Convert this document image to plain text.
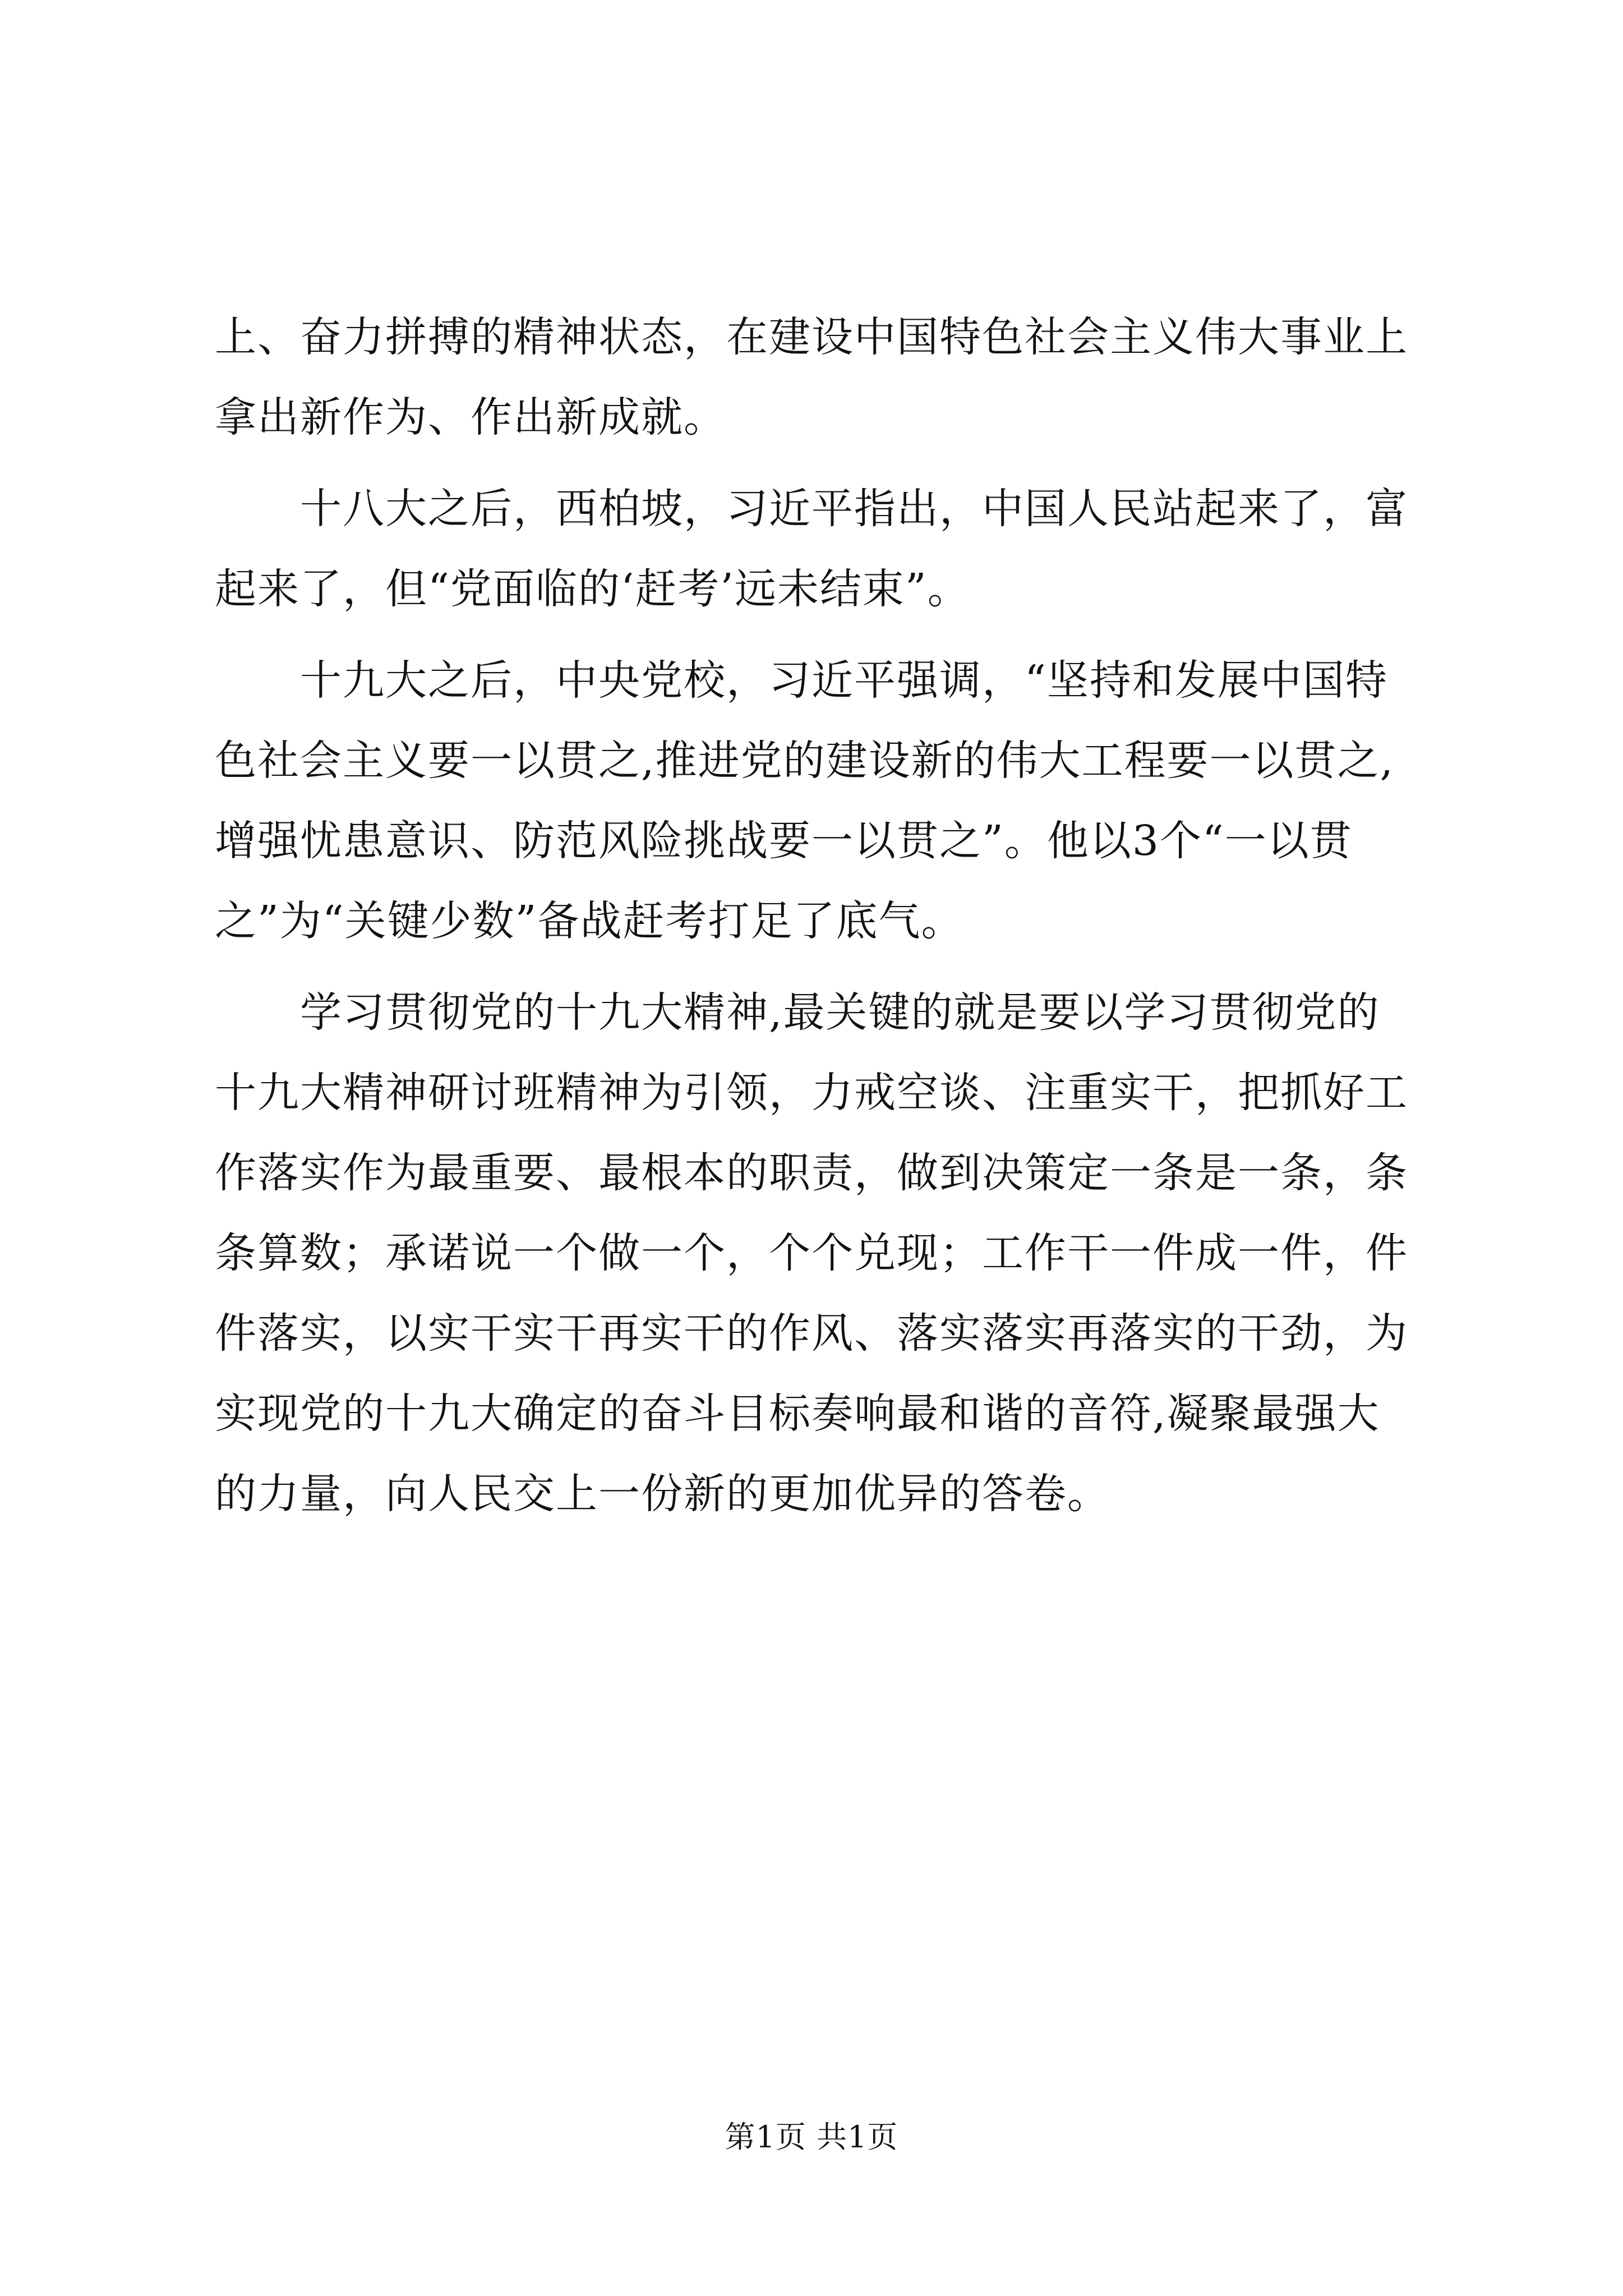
上、奋力拼搏的精神状态，在建设中国特色社会主义伟大事业上
拿出新作为、作出新成就。
　　十八大之后，西柏坡，习近平指出，中国人民站起来了，富
起来了，但“党面临的‘赶考’远未结束”。
　　十九大之后，中央党校，习近平强调，“坚持和发展中国特
色社会主义要一以贯之,推进党的建设新的伟大工程要一以贯之,
增强忧患意识、防范风险挑战要一以贯之”。他以3个“一以贯
之”为“关键少数”备战赶考打足了底气。
　　学习贯彻党的十九大精神,最关键的就是要以学习贯彻党的
十九大精神研讨班精神为引领，力戒空谈、注重实干，把抓好工
作落实作为最重要、最根本的职责，做到决策定一条是一条，条
条算数；承诺说一个做一个，个个兑现；工作干一件成一件，件
件落实，以实干实干再实干的作风、落实落实再落实的干劲，为
实现党的十九大确定的奋斗目标奏响最和谐的音符,凝聚最强大
的力量，向人民交上一份新的更加优异的答卷。
第1页 共1页
